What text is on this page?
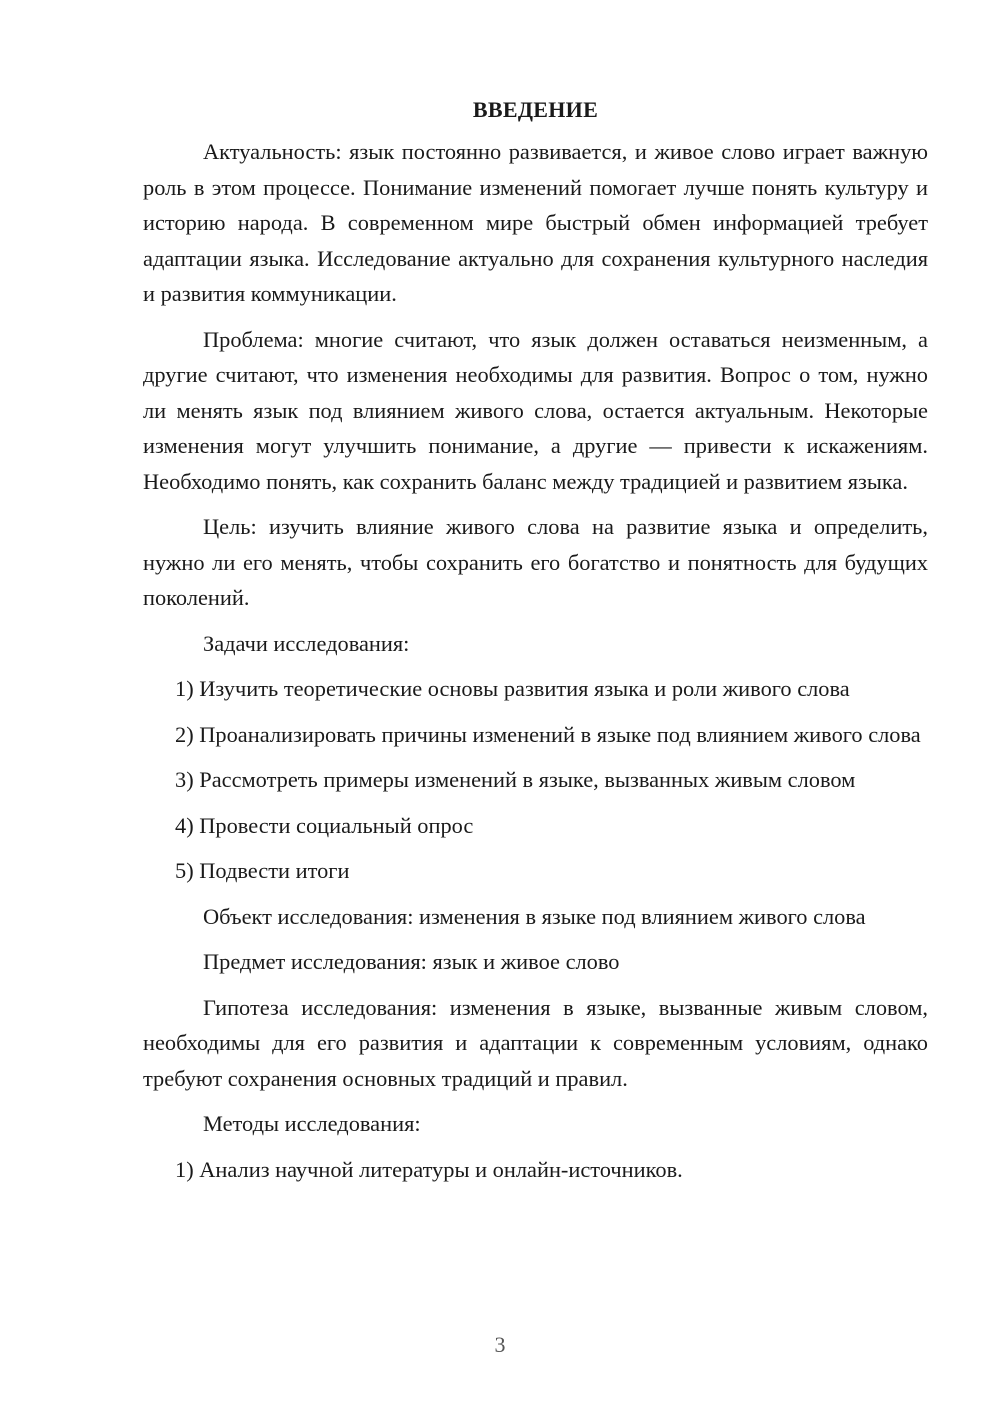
ВВЕДЕНИЕ

Актуальность: язык постоянно развивается, и живое слово играет важную роль в этом процессе. Понимание изменений помогает лучше понять культуру и историю народа. В современном мире быстрый обмен информацией требует адаптации языка. Исследование актуально для сохранения культурного наследия и развития коммуникации.

Проблема: многие считают, что язык должен оставаться неизменным, а другие считают, что изменения необходимы для развития. Вопрос о том, нужно ли менять язык под влиянием живого слова, остается актуальным. Некоторые изменения могут улучшить понимание, а другие — привести к искажениям. Необходимо понять, как сохранить баланс между традицией и развитием языка.

Цель: изучить влияние живого слова на развитие языка и определить, нужно ли его менять, чтобы сохранить его богатство и понятность для будущих поколений.

Задачи исследования:

1) Изучить теоретические основы развития языка и роли живого слова

2) Проанализировать причины изменений в языке под влиянием живого слова

3) Рассмотреть примеры изменений в языке, вызванных живым словом

4) Провести социальный опрос

5) Подвести итоги

Объект исследования: изменения в языке под влиянием живого слова

Предмет исследования: язык и живое слово

Гипотеза исследования: изменения в языке, вызванные живым словом, необходимы для его развития и адаптации к современным условиям, однако требуют сохранения основных традиций и правил.

Методы исследования:

1) Анализ научной литературы и онлайн-источников.

3
